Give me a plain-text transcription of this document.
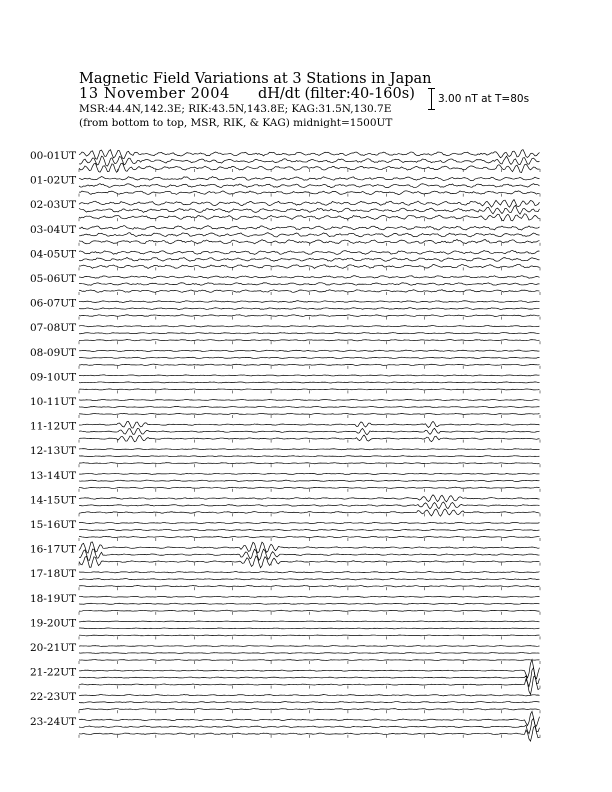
Magnetic Field Variations at 3 Stations in Japan
13 November 2004 dH/dt (filter:40-160s)
MSR:44.4N,142.3E; RIK:43.5N,143.8E; KAG:31.5N,130.7E
(from bottom to top, MSR, RIK, & KAG) midnight=1500UT
3.00 nT at T=80s
00-01UT
01-02UT
02-03UT
03-04UT
04-05UT
05-06UT
06-07UT
07-08UT
08-09UT
09-10UT
10-11UT
11-12UT
12-13UT
13-14UT
14-15UT
15-16UT
16-17UT
17-18UT
18-19UT
19-20UT
20-21UT
21-22UT
22-23UT
23-24UT
